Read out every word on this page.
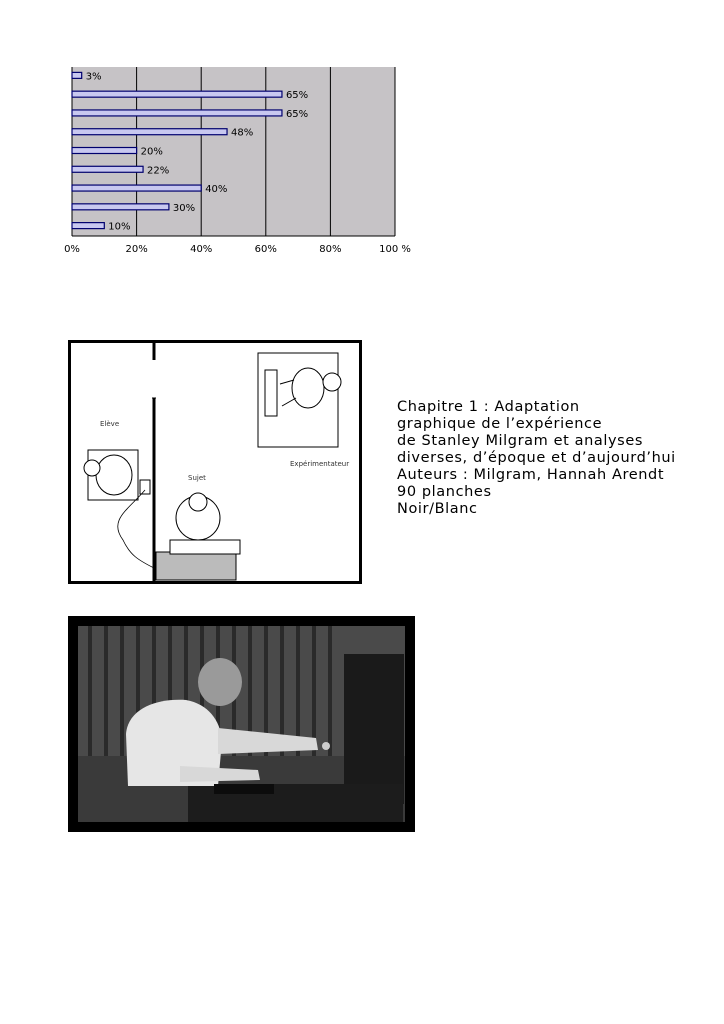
0%	20%	40%	60%	80%	100 %
3%
65%
65%
48%
20%
22%
40%
30%
10%
Expérimentateur
Elève
Sujet
Chapitre 1 : Adaptation
graphique de l’expérience
de Stanley Milgram et analyses
diverses, d’époque et d’aujourd’hui
Auteurs : Milgram, Hannah Arendt
90 planches
Noir/Blanc
